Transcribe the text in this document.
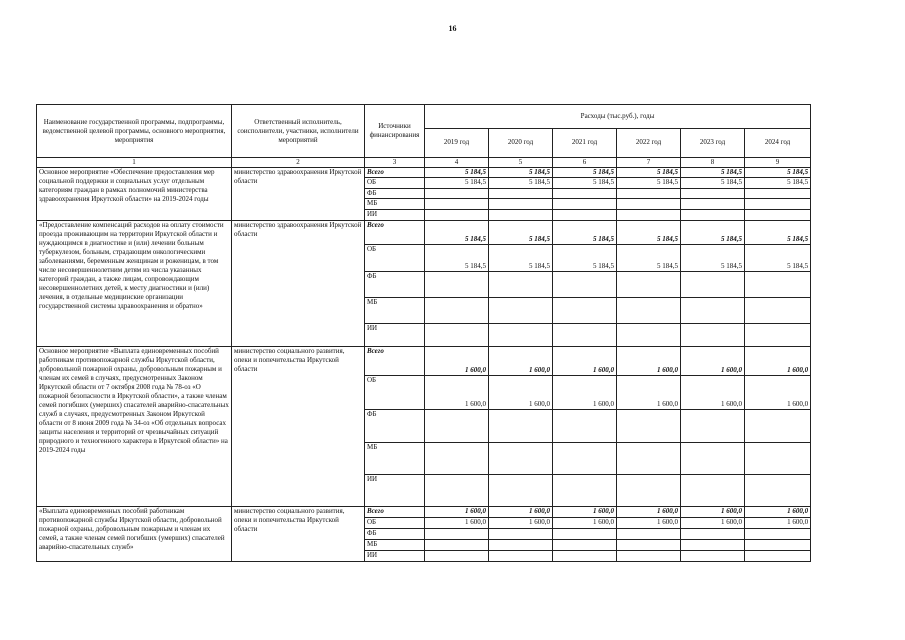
16
Наименование государственной программы, подпрограммы, ведомственной целевой программы, основного мероприятия, мероприятия	Ответственный исполнитель, соисполнители, участники, исполнители мероприятий	Источники финансирования	Расходы (тыс.руб.), годы					
			2019 год	2020 год	2021 год	2022 год	2023 год	2024 год
1	2	3	4	5	6	7	8	9
Основное мероприятие «Обеспечение предоставления мер социальной поддержки и социальных услуг отдельным категориям граждан в рамках полномочий министерства здравоохранения Иркутской области» на 2019-2024 годы	министерство здравоохранения Иркутской области	Всего	5 184,5	5 184,5	5 184,5	5 184,5	5 184,5	5 184,5
		ОБ	5 184,5	5 184,5	5 184,5	5 184,5	5 184,5	5 184,5
		ФБ						
		МБ						
		ИИ						
«Предоставление компенсаций расходов на оплату стоимости проезда проживающим на территории Иркутской области и нуждающимся в диагностике и (или) лечении больным туберкулезом, больным, страдающим онкологическими заболеваниями, беременным женщинам и роженицам, в том числе несовершеннолетним детям из числа указанных категорий граждан, а также лицам, сопровождающим несовершеннолетних детей, к месту диагностики и (или) лечения, в отдельные медицинские организации государственной системы здравоохранения и обратно»	министерство здравоохранения Иркутской области	Всего	5 184,5	5 184,5	5 184,5	5 184,5	5 184,5	5 184,5
		ОБ	5 184,5	5 184,5	5 184,5	5 184,5	5 184,5	5 184,5
		ФБ						
		МБ						
		ИИ						
Основное мероприятие «Выплата единовременных пособий работникам противопожарной службы Иркутской области, добровольной пожарной охраны, добровольным пожарным и членам их семей в случаях, предусмотренных Законом Иркутской области от 7 октября 2008 года № 78-оз «О пожарной безопасности в Иркутской области», а также членам семей погибших (умерших) спасателей аварийно-спасательных служб в случаях, предусмотренных Законом Иркутской области от 8 июня 2009 года № 34-оз «Об отдельных вопросах защиты населения и территорий от чрезвычайных ситуаций природного и техногенного характера в Иркутской области» на 2019-2024 годы	министерство социального развития, опеки и попечительства Иркутской области	Всего	1 600,0	1 600,0	1 600,0	1 600,0	1 600,0	1 600,0
		ОБ	1 600,0	1 600,0	1 600,0	1 600,0	1 600,0	1 600,0
		ФБ						
		МБ						
		ИИ						
«Выплата единовременных пособий работникам противопожарной службы Иркутской области, добровольной пожарной охраны, добровольным пожарным и членам их семей, а также членам семей погибших (умерших) спасателей аварийно-спасательных служб»	министерство социального развития, опеки и попечительства Иркутской области	Всего	1 600,0	1 600,0	1 600,0	1 600,0	1 600,0	1 600,0
		ОБ	1 600,0	1 600,0	1 600,0	1 600,0	1 600,0	1 600,0
		ФБ						
		МБ						
		ИИ						
